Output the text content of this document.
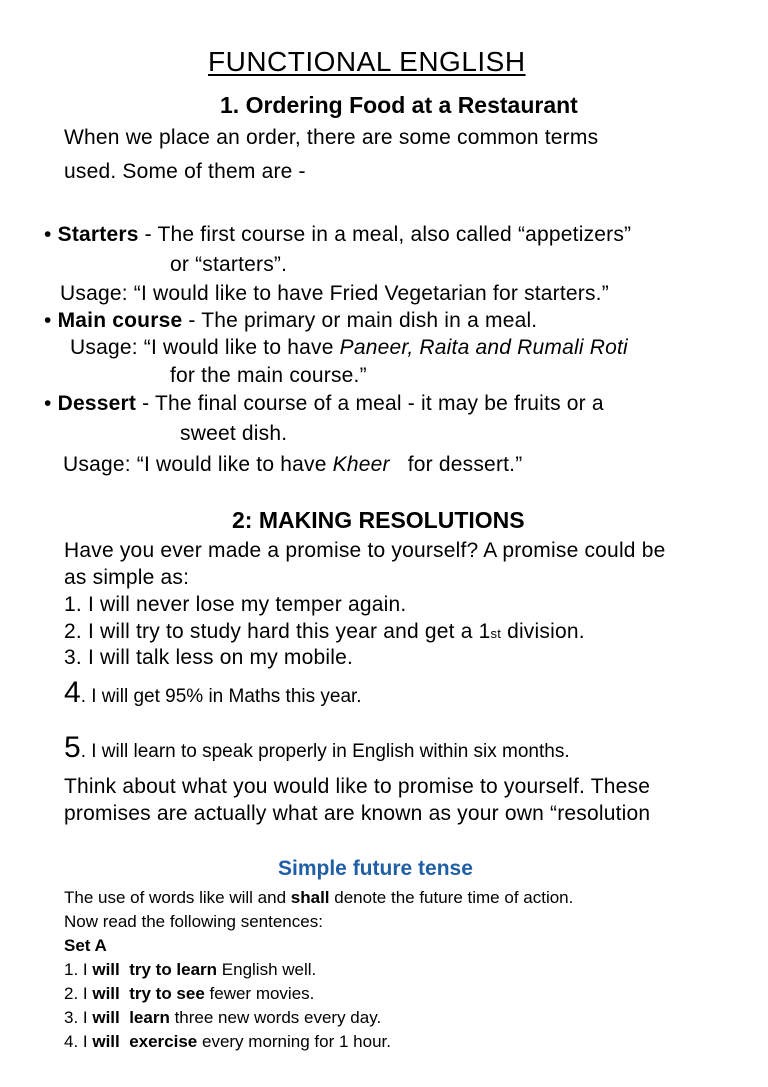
FUNCTIONAL ENGLISH
1. Ordering Food at a Restaurant
When we place an order, there are some common terms
used. Some of them are -
• Starters - The first course in a meal, also called “appetizers”
or “starters”.
Usage: “I would like to have Fried Vegetarian for starters.”
• Main course - The primary or main dish in a meal.
Usage: “I would like to have Paneer, Raita and Rumali Roti
for the main course.”
• Dessert - The final course of a meal - it may be fruits or a
sweet dish.
Usage: “I would like to have Kheer   for dessert.”
2: MAKING RESOLUTIONS
Have you ever made a promise to yourself? A promise could be
as simple as:
1. I will never lose my temper again.
2. I will try to study hard this year and get a 1st division.
3. I will talk less on my mobile.
4. I will get 95% in Maths this year.
5. I will learn to speak properly in English within six months.
Think about what you would like to promise to yourself. These
promises are actually what are known as your own “resolution
Simple future tense
The use of words like will and shall denote the future time of action.
Now read the following sentences:
Set A
1. I will  try to learn English well.
2. I will  try to see fewer movies.
3. I will  learn three new words every day.
4. I will  exercise every morning for 1 hour.
